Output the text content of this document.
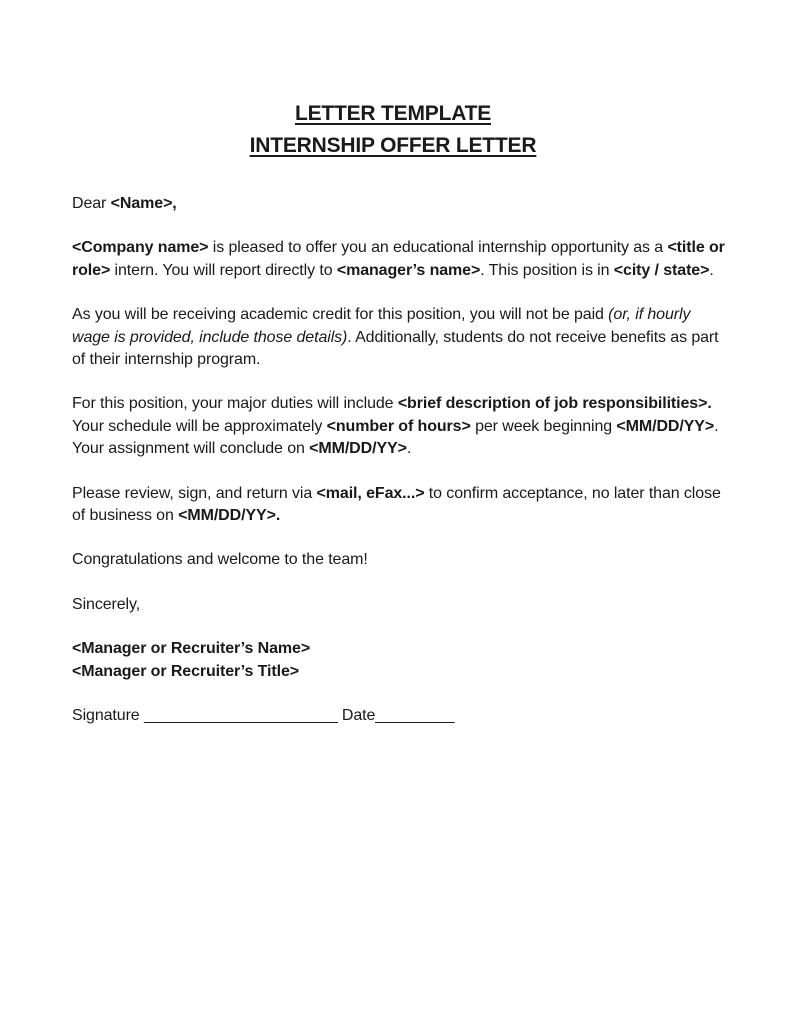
LETTER TEMPLATE
INTERNSHIP OFFER LETTER

Dear <Name>,

<Company name> is pleased to offer you an educational internship opportunity as a <title or role> intern. You will report directly to <manager’s name>. This position is in <city / state>.

As you will be receiving academic credit for this position, you will not be paid (or, if hourly wage is provided, include those details). Additionally, students do not receive benefits as part of their internship program.

For this position, your major duties will include <brief description of job responsibilities>. Your schedule will be approximately <number of hours> per week beginning <MM/DD/YY>. Your assignment will conclude on <MM/DD/YY>.

Please review, sign, and return via <mail, eFax...> to confirm acceptance, no later than close of business on <MM/DD/YY>.

Congratulations and welcome to the team!

Sincerely,

<Manager or Recruiter’s Name>

<Manager or Recruiter’s Title>

Signature ______________________ Date_________
